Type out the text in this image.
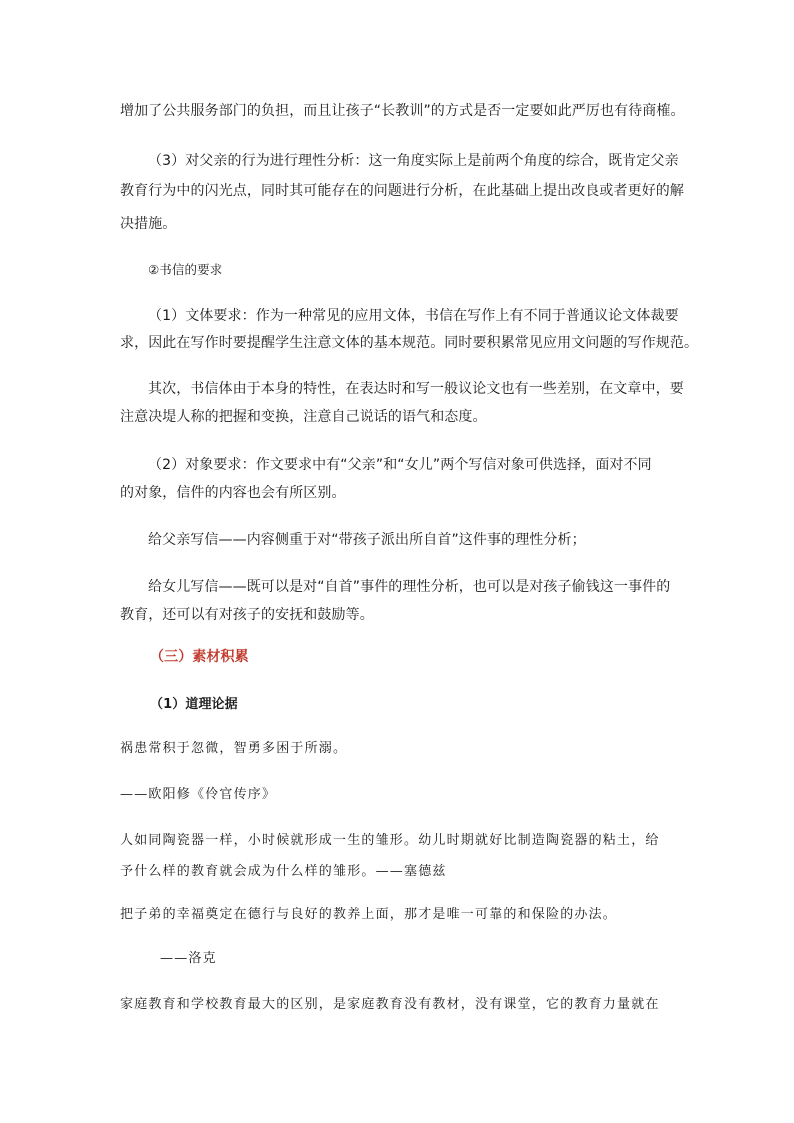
增加了公共服务部门的负担，而且让孩子“长教训”的方式是否一定要如此严厉也有待商榷。
（3）对父亲的行为进行理性分析：这一角度实际上是前两个角度的综合，既肯定父亲
教育行为中的闪光点，同时其可能存在的问题进行分析，在此基础上提出改良或者更好的解
决措施。
②书信的要求
（1）文体要求：作为一种常见的应用文体，书信在写作上有不同于普通议论文体裁要
求，因此在写作时要提醒学生注意文体的基本规范。同时要积累常见应用文问题的写作规范。
其次，书信体由于本身的特性，在表达时和写一般议论文也有一些差别，在文章中，要
注意决堤人称的把握和变换，注意自己说话的语气和态度。
（2）对象要求：作文要求中有“父亲”和“女儿”两个写信对象可供选择，面对不同
的对象，信件的内容也会有所区别。
给父亲写信——内容侧重于对“带孩子派出所自首”这件事的理性分析；
给女儿写信——既可以是对“自首”事件的理性分析，也可以是对孩子偷钱这一事件的
教育，还可以有对孩子的安抚和鼓励等。
（三）素材积累
（1）道理论据
祸患常积于忽微，智勇多困于所溺。
——欧阳修《伶官传序》
人如同陶瓷器一样，小时候就形成一生的雏形。幼儿时期就好比制造陶瓷器的粘土，给
予什么样的教育就会成为什么样的雏形。——塞德兹
把子弟的幸福奠定在德行与良好的教养上面，那才是唯一可靠的和保险的办法。
——洛克
家庭教育和学校教育最大的区别，是家庭教育没有教材，没有课堂，它的教育力量就在
